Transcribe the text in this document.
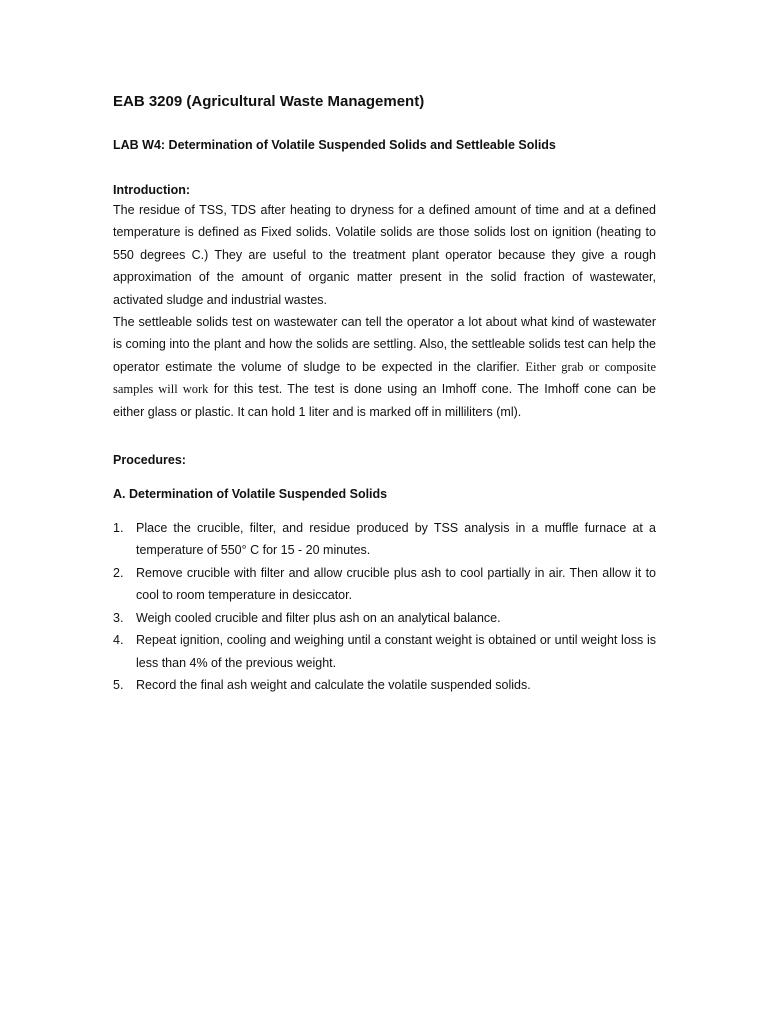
EAB 3209 (Agricultural Waste Management)
LAB W4: Determination of Volatile Suspended Solids and Settleable Solids
Introduction:

The residue of TSS, TDS after heating to dryness for a defined amount of time and at a defined temperature is defined as Fixed solids. Volatile solids are those solids lost on ignition (heating to 550 degrees C.) They are useful to the treatment plant operator because they give a rough approximation of the amount of organic matter present in the solid fraction of wastewater, activated sludge and industrial wastes.

The settleable solids test on wastewater can tell the operator a lot about what kind of wastewater is coming into the plant and how the solids are settling. Also, the settleable solids test can help the operator estimate the volume of sludge to be expected in the clarifier. Either grab or composite samples will work for this test. The test is done using an Imhoff cone. The Imhoff cone can be either glass or plastic. It can hold 1 liter and is marked off in milliliters (ml).

Procedures:
A. Determination of Volatile Suspended Solids
1. Place the crucible, filter, and residue produced by TSS analysis in a muffle furnace at a temperature of 550° C for 15 - 20 minutes.
2. Remove crucible with filter and allow crucible plus ash to cool partially in air. Then allow it to cool to room temperature in desiccator.
3. Weigh cooled crucible and filter plus ash on an analytical balance.
4. Repeat ignition, cooling and weighing until a constant weight is obtained or until weight loss is less than 4% of the previous weight.
5. Record the final ash weight and calculate the volatile suspended solids.
